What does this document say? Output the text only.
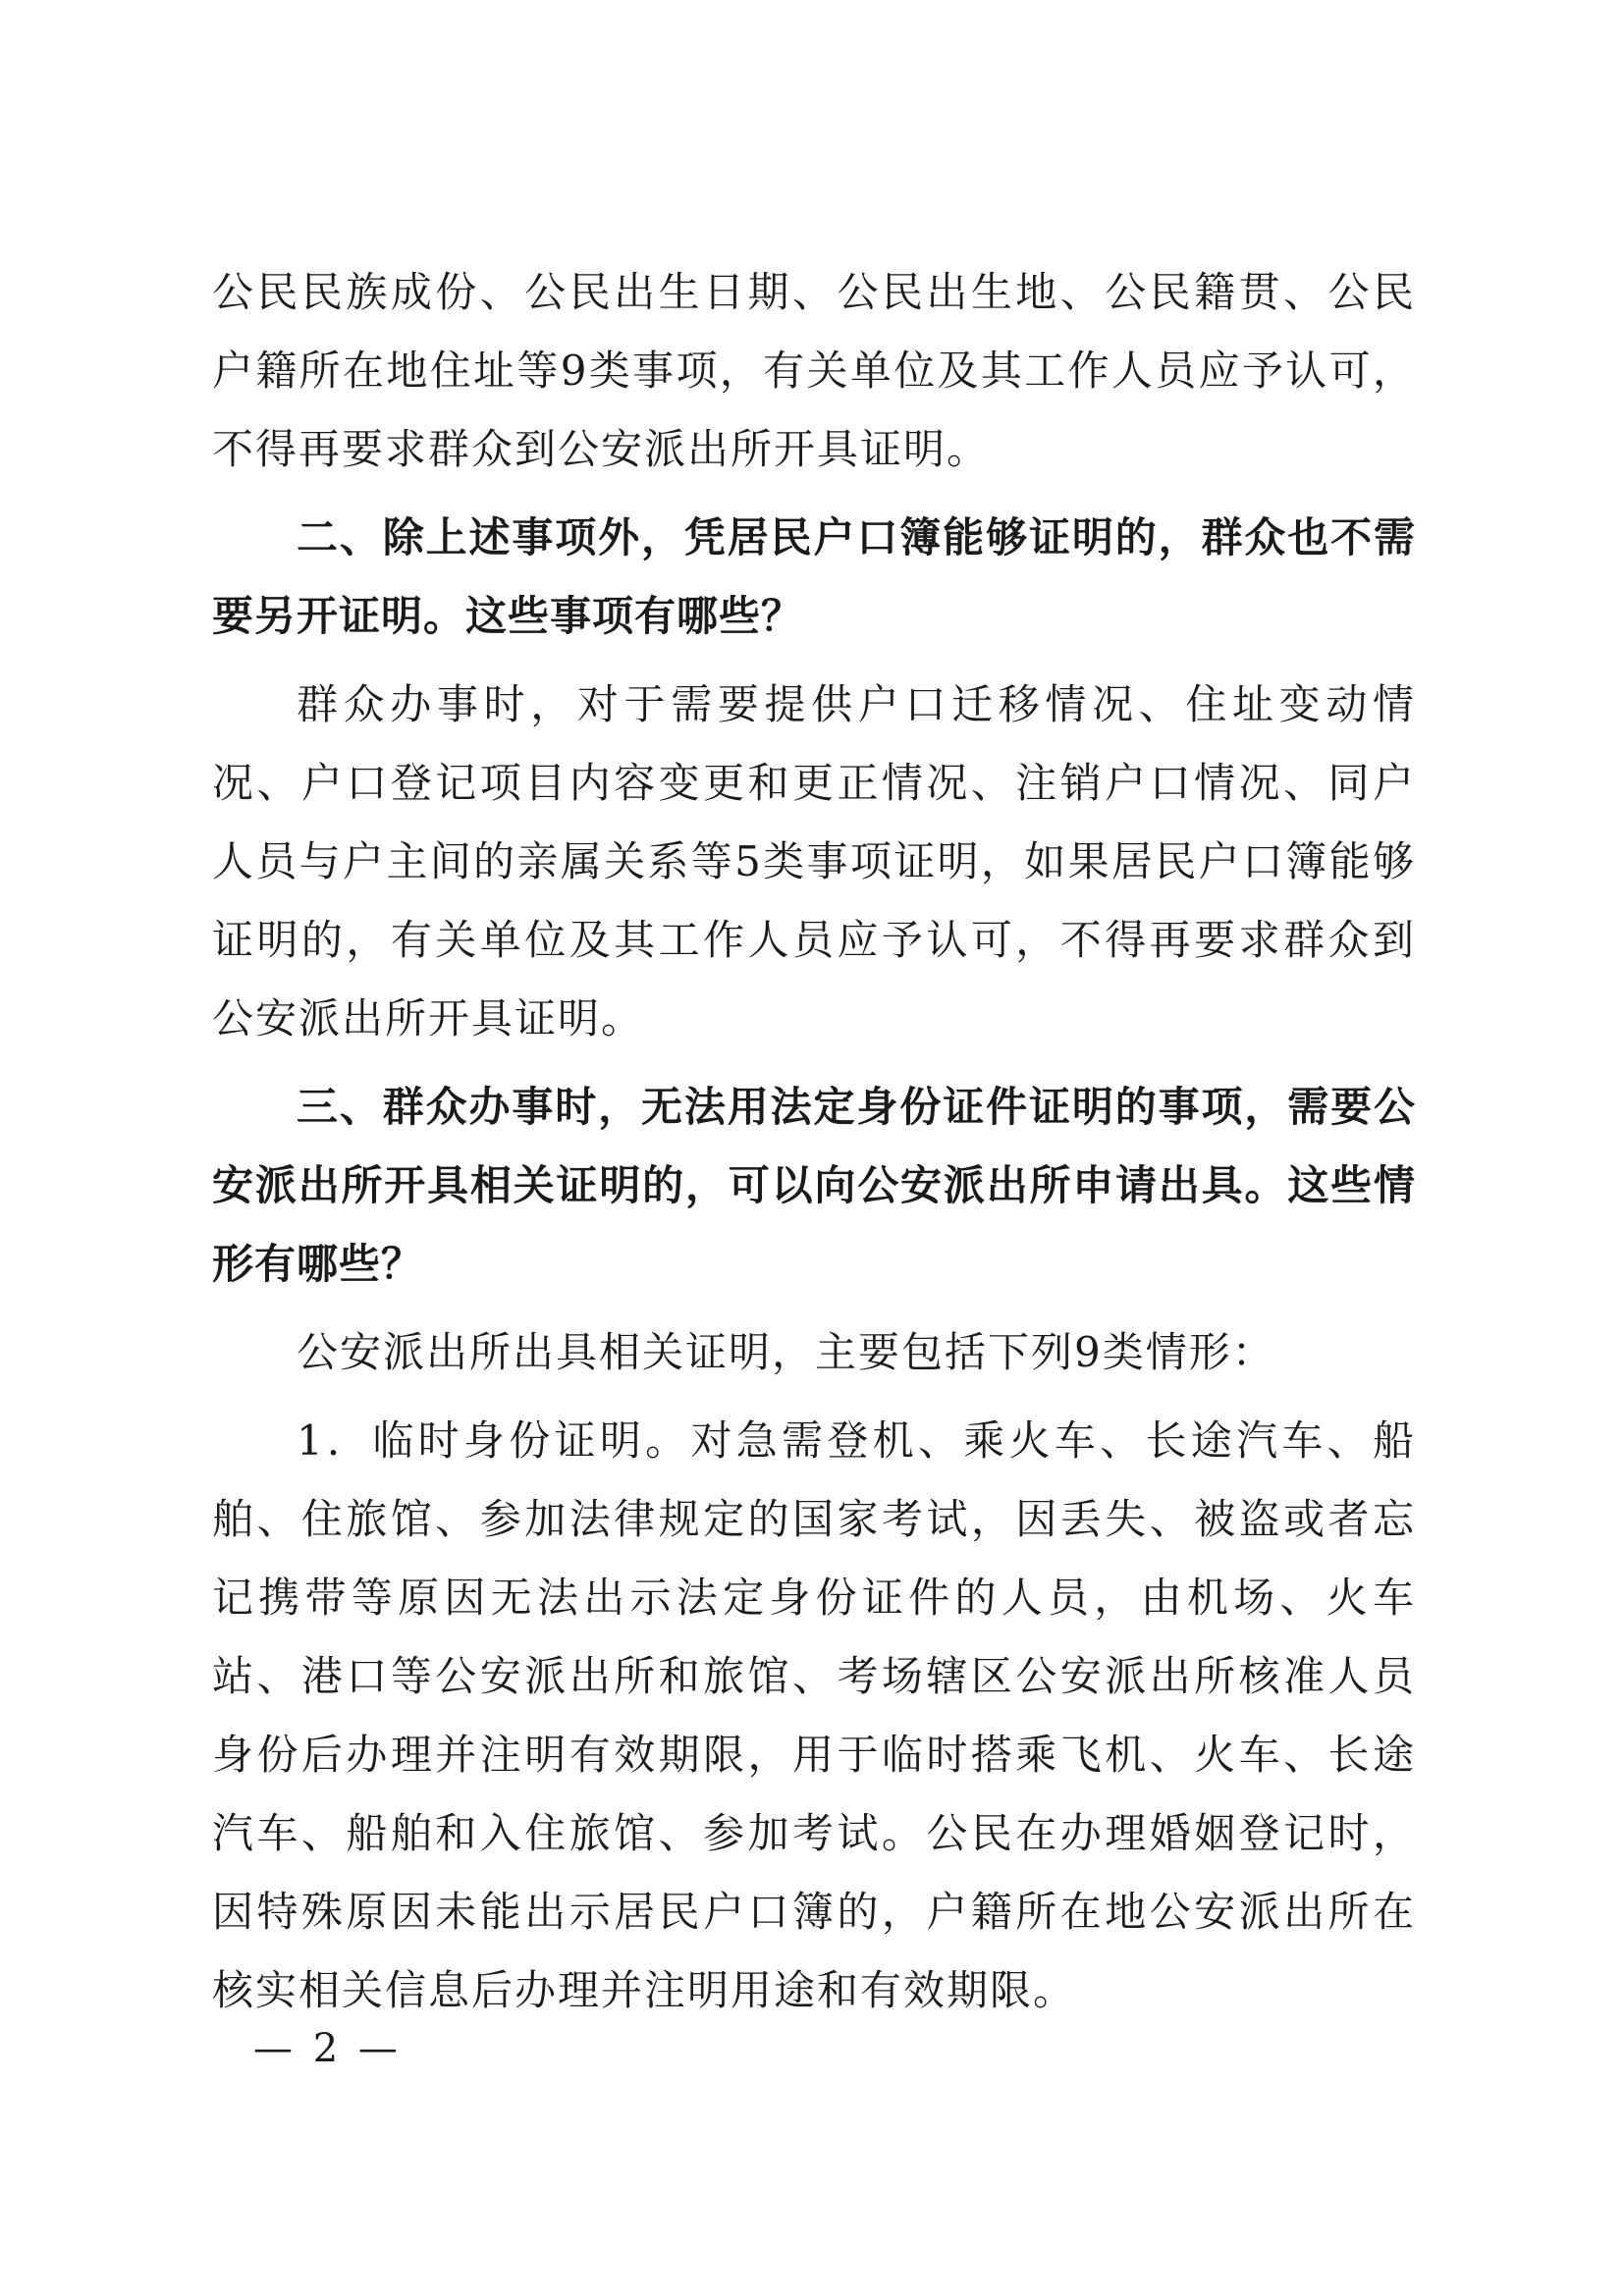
公民民族成份、公民出生日期、公民出生地、公民籍贯、公民户籍所在地住址等9类事项，有关单位及其工作人员应予认可，不得再要求群众到公安派出所开具证明。

二、除上述事项外，凭居民户口簿能够证明的，群众也不需要另开证明。这些事项有哪些？

群众办事时，对于需要提供户口迁移情况、住址变动情况、户口登记项目内容变更和更正情况、注销户口情况、同户人员与户主间的亲属关系等5类事项证明，如果居民户口簿能够证明的，有关单位及其工作人员应予认可，不得再要求群众到公安派出所开具证明。

三、群众办事时，无法用法定身份证件证明的事项，需要公安派出所开具相关证明的，可以向公安派出所申请出具。这些情形有哪些？

公安派出所出具相关证明，主要包括下列9类情形：

1．临时身份证明。对急需登机、乘火车、长途汽车、船舶、住旅馆、参加法律规定的国家考试，因丢失、被盗或者忘记携带等原因无法出示法定身份证件的人员，由机场、火车站、港口等公安派出所和旅馆、考场辖区公安派出所核准人员身份后办理并注明有效期限，用于临时搭乘飞机、火车、长途汽车、船舶和入住旅馆、参加考试。公民在办理婚姻登记时，因特殊原因未能出示居民户口簿的，户籍所在地公安派出所在核实相关信息后办理并注明用途和有效期限。

— 2 —
